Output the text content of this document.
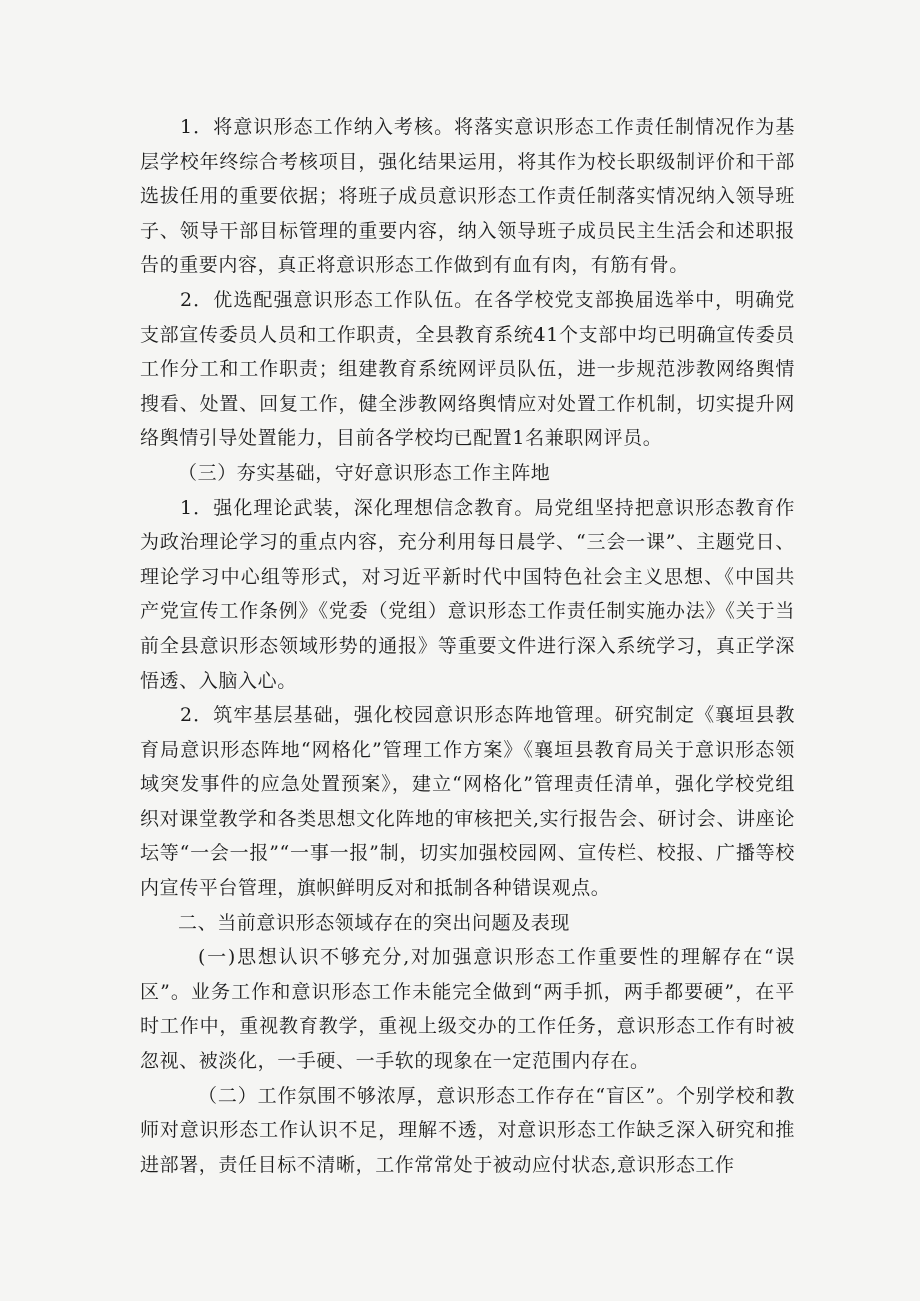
1．将意识形态工作纳入考核。将落实意识形态工作责任制情况作为基层学校年终综合考核项目，强化结果运用，将其作为校长职级制评价和干部选拔任用的重要依据；将班子成员意识形态工作责任制落实情况纳入领导班子、领导干部目标管理的重要内容，纳入领导班子成员民主生活会和述职报告的重要内容，真正将意识形态工作做到有血有肉，有筋有骨。

2．优选配强意识形态工作队伍。在各学校党支部换届选举中，明确党支部宣传委员人员和工作职责，全县教育系统41个支部中均已明确宣传委员工作分工和工作职责；组建教育系统网评员队伍，进一步规范涉教网络舆情搜看、处置、回复工作，健全涉教网络舆情应对处置工作机制，切实提升网络舆情引导处置能力，目前各学校均已配置1名兼职网评员。

（三）夯实基础，守好意识形态工作主阵地

1．强化理论武装，深化理想信念教育。局党组坚持把意识形态教育作为政治理论学习的重点内容，充分利用每日晨学、“三会一课”、主题党日、理论学习中心组等形式，对习近平新时代中国特色社会主义思想、《中国共产党宣传工作条例》《党委（党组）意识形态工作责任制实施办法》《关于当前全县意识形态领域形势的通报》等重要文件进行深入系统学习，真正学深悟透、入脑入心。

2．筑牢基层基础，强化校园意识形态阵地管理。研究制定《襄垣县教育局意识形态阵地“网格化”管理工作方案》《襄垣县教育局关于意识形态领域突发事件的应急处置预案》，建立“网格化”管理责任清单，强化学校党组织对课堂教学和各类思想文化阵地的审核把关,实行报告会、研讨会、讲座论坛等“一会一报”“一事一报”制，切实加强校园网、宣传栏、校报、广播等校内宣传平台管理，旗帜鲜明反对和抵制各种错误观点。

二、当前意识形态领域存在的突出问题及表现

(一)思想认识不够充分,对加强意识形态工作重要性的理解存在“误区”。业务工作和意识形态工作未能完全做到“两手抓，两手都要硬”，在平时工作中，重视教育教学，重视上级交办的工作任务，意识形态工作有时被忽视、被淡化，一手硬、一手软的现象在一定范围内存在。

（二）工作氛围不够浓厚，意识形态工作存在“盲区”。个别学校和教师对意识形态工作认识不足，理解不透，对意识形态工作缺乏深入研究和推进部署，责任目标不清晰，工作常常处于被动应付状态,意识形态工作
